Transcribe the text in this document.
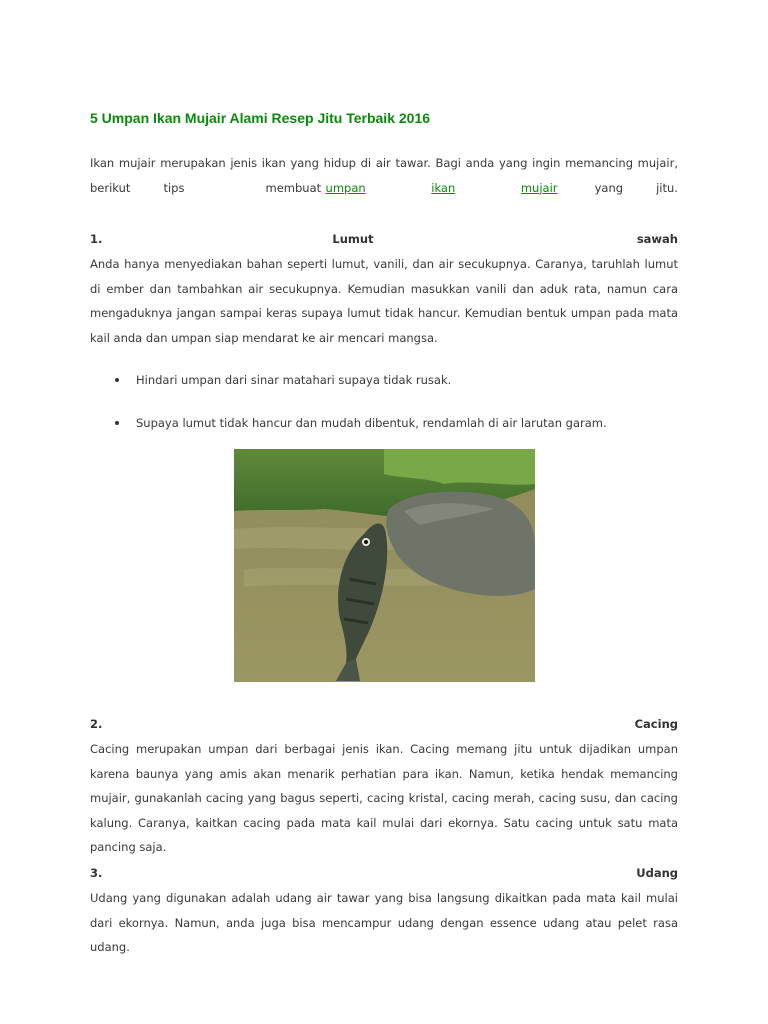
5 Umpan Ikan Mujair Alami Resep Jitu Terbaik 2016

Ikan mujair merupakan jenis ikan yang hidup di air tawar. Bagi anda yang ingin memancing mujair,
berikut	tips	membuat umpan	ikan	mujair	yang	jitu.

1.	Lumut	sawah

Anda hanya menyediakan bahan seperti lumut, vanili, dan air secukupnya. Caranya, taruhlah lumut di ember dan tambahkan air secukupnya. Kemudian masukkan vanili dan aduk rata, namun cara mengaduknya jangan sampai keras supaya lumut tidak hancur. Kemudian bentuk umpan pada mata kail anda dan umpan siap mendarat ke air mencari mangsa.

Hindari umpan dari sinar matahari supaya tidak rusak.
Supaya lumut tidak hancur dan mudah dibentuk, rendamlah di air larutan garam.
2.	Cacing

Cacing merupakan umpan dari berbagai jenis ikan. Cacing memang jitu untuk dijadikan umpan karena baunya yang amis akan menarik perhatian para ikan. Namun, ketika hendak memancing mujair, gunakanlah cacing yang bagus seperti, cacing kristal, cacing merah, cacing susu, dan cacing kalung. Caranya, kaitkan cacing pada mata kail mulai dari ekornya. Satu cacing untuk satu mata pancing saja.

3.	Udang

Udang yang digunakan adalah udang air tawar yang bisa langsung dikaitkan pada mata kail mulai dari ekornya. Namun, anda juga bisa mencampur udang dengan essence udang atau pelet rasa udang.
